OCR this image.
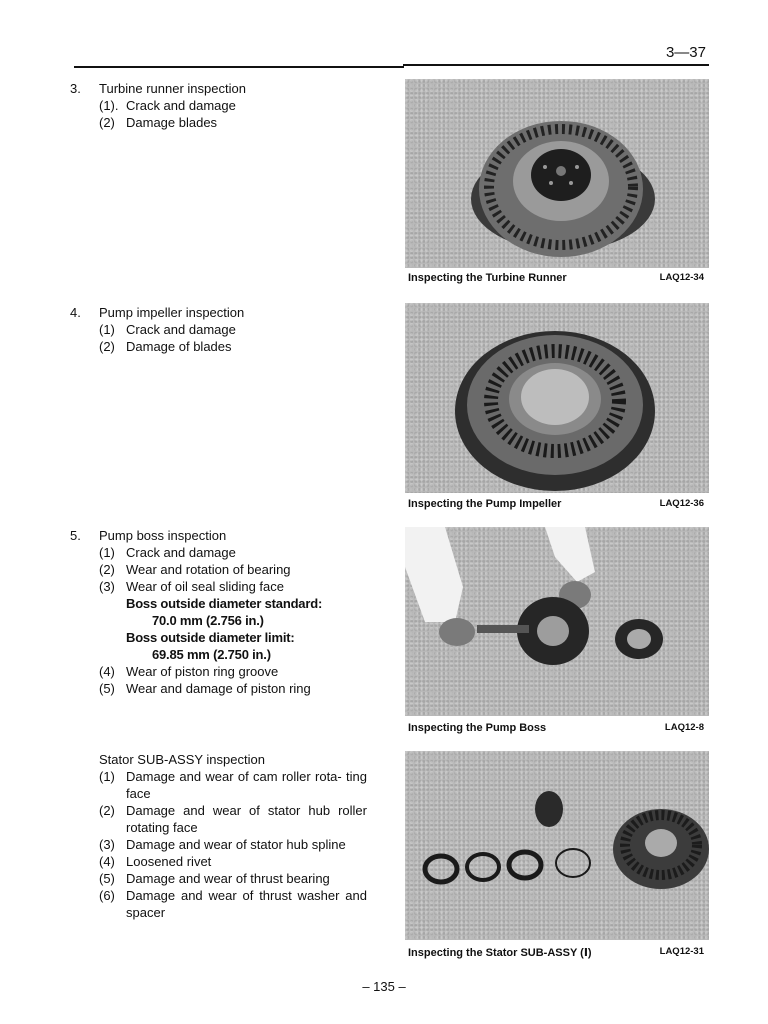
3—37
3.	Turbine runner inspection
(1). Crack and damage
(2) Damage blades
4.	Pump impeller inspection
(1) Crack and damage
(2) Damage of blades
5.	Pump boss inspection
(1) Crack and damage
(2) Wear and rotation of bearing
(3) Wear of oil seal sliding face
Boss outside diameter standard:
70.0 mm (2.756 in.)
Boss outside diameter limit:
69.85 mm (2.750 in.)
(4) Wear of piston ring groove
(5) Wear and damage of piston ring
Stator SUB-ASSY inspection
(1) Damage and wear of cam roller rota- ting face
(2) Damage and wear of stator hub roller rotating face
(3) Damage and wear of stator hub spline
(4) Loosened rivet
(5) Damage and wear of thrust bearing
(6) Damage and wear of thrust washer and spacer
Inspecting the Turbine Runner	LAQ12-34
Inspecting the Pump Impeller	LAQ12-36
Inspecting the Pump Boss	LAQ12-8
Inspecting the Stator SUB-ASSY (Ⅰ)	LAQ12-31
– 135 –
